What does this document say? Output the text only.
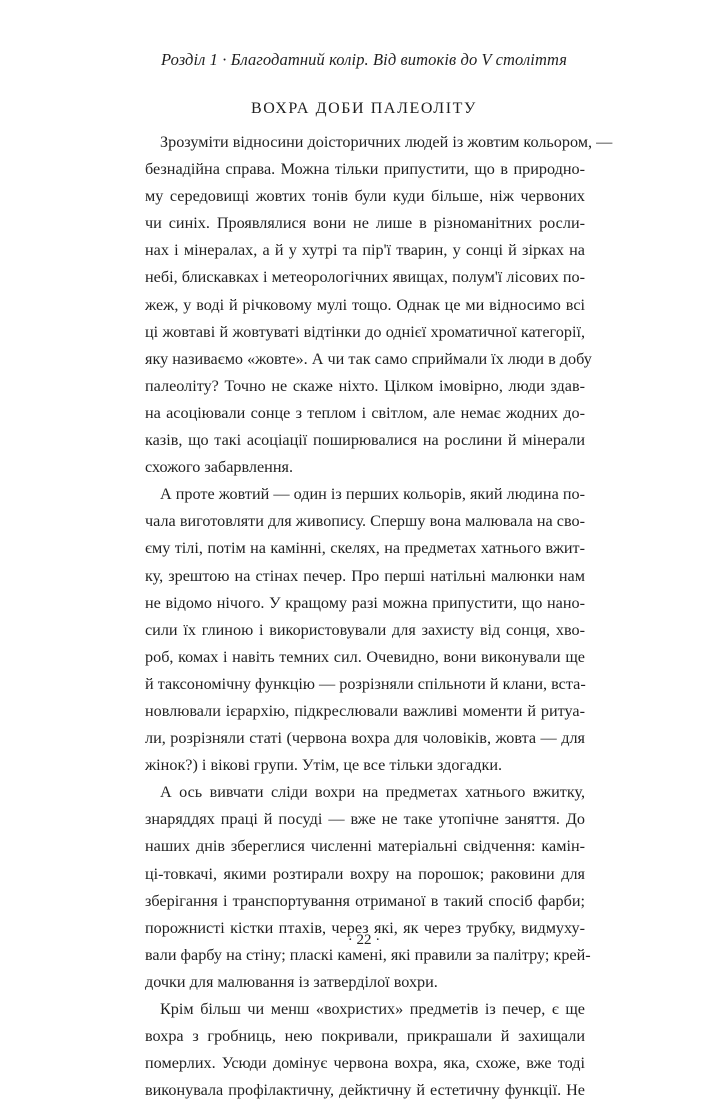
Розділ 1 · Благодатний колір. Від витоків до V століття
ВОХРА ДОБИ ПАЛЕОЛІТУ
Зрозуміти відносини доісторичних людей із жовтим кольором, —
безнадійна справа. Можна тільки припустити, що в природно-
му середовищі жовтих тонів були куди більше, ніж червоних
чи синіх. Проявлялися вони не лише в різноманітних росли-
нах і мінералах, а й у хутрі та пір'ї тварин, у сонці й зірках на
небі, блискавках і метеорологічних явищах, полум'ї лісових по-
жеж, у воді й річковому мулі тощо. Однак це ми відносимо всі
ці жовтаві й жовтуваті відтінки до однієї хроматичної категорії,
яку називаємо «жовте». А чи так само сприймали їх люди в добу
палеоліту? Точно не скаже ніхто. Цілком імовірно, люди здав-
на асоціювали сонце з теплом і світлом, але немає жодних до-
казів, що такі асоціації поширювалися на рослини й мінерали
схожого забарвлення.
А проте жовтий — один із перших кольорів, який людина по-
чала виготовляти для живопису. Спершу вона малювала на сво-
єму тілі, потім на камінні, скелях, на предметах хатнього вжит-
ку, зрештою на стінах печер. Про перші натільні малюнки нам
не відомо нічого. У кращому разі можна припустити, що нано-
сили їх глиною і використовували для захисту від сонця, хво-
роб, комах і навіть темних сил. Очевидно, вони виконували ще
й таксономічну функцію — розрізняли спільноти й клани, вста-
новлювали ієрархію, підкреслювали важливі моменти й ритуа-
ли, розрізняли статі (червона вохра для чоловіків, жовта — для
жінок?) і вікові групи. Утім, це все тільки здогадки.
А ось вивчати сліди вохри на предметах хатнього вжитку,
знаряддях праці й посуді — вже не таке утопічне заняття. До
наших днів збереглися численні матеріальні свідчення: камін-
ці-товкачі, якими розтирали вохру на порошок; раковини для
зберігання і транспортування отриманої в такий спосіб фарби;
порожнисті кістки птахів, через які, як через трубку, видмуху-
вали фарбу на стіну; пласкі камені, які правили за палітру; крей-
дочки для малювання із затверділої вохри.
Крім більш чи менш «вохристих» предметів із печер, є ще
вохра з гробниць, нею покривали, прикрашали й захищали
померлих. Усюди домінує червона вохра, яка, схоже, вже тоді
виконувала профілактичну, дейктичну й естетичну функції. Не
· 22 ·
